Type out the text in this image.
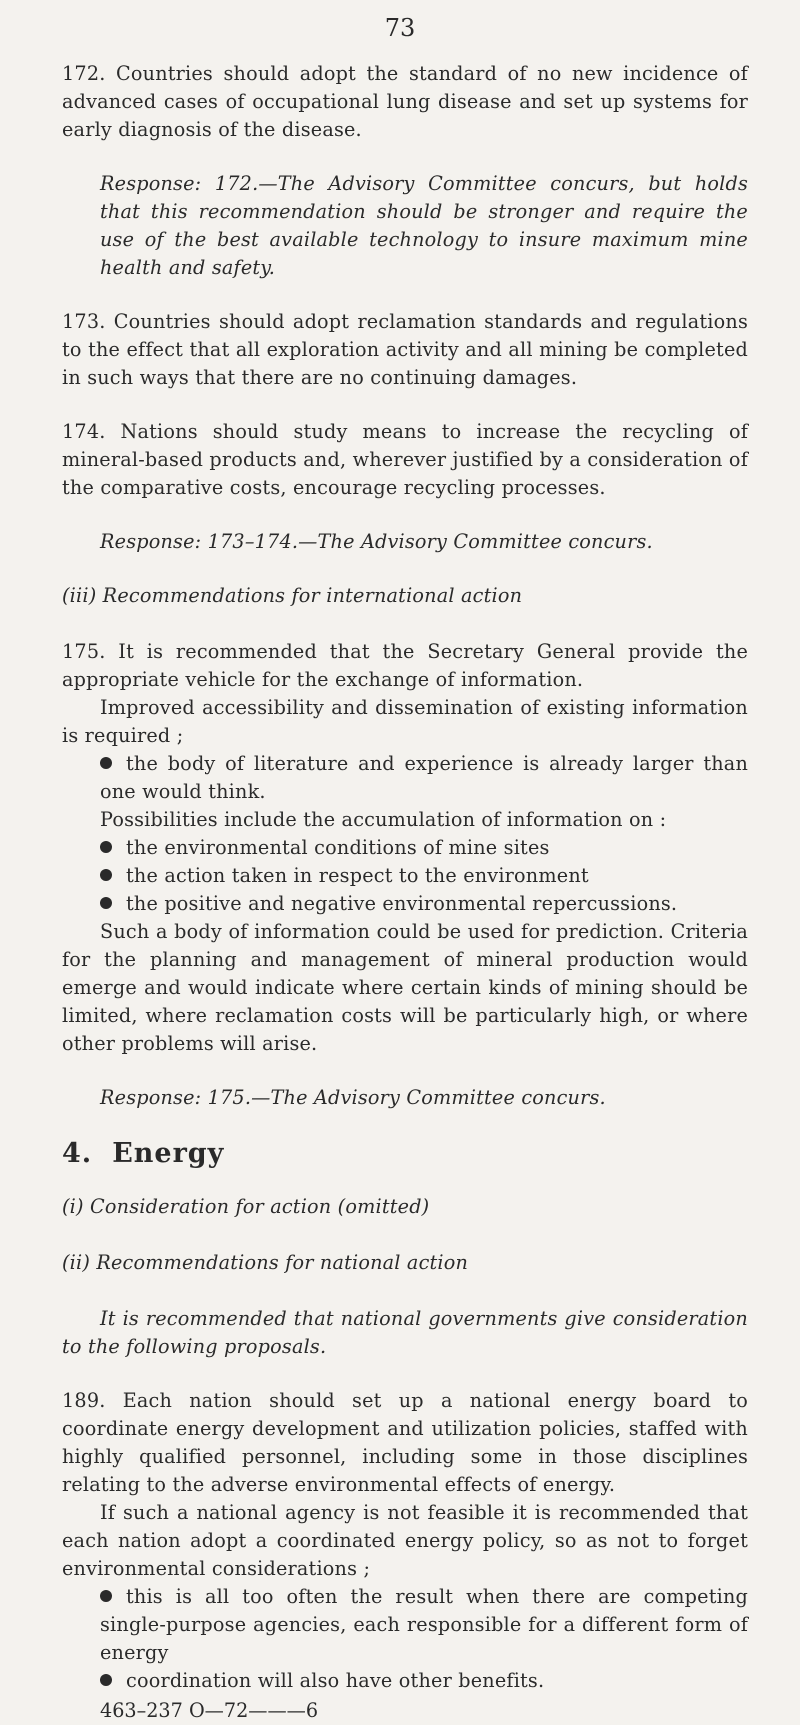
73

172. Countries should adopt the standard of no new incidence of advanced cases of occupational lung disease and set up systems for early diagnosis of the disease.

Response: 172.—The Advisory Committee concurs, but holds that this recommendation should be stronger and require the use of the best available technology to insure maximum mine health and safety.

173. Countries should adopt reclamation standards and regulations to the effect that all exploration activity and all mining be completed in such ways that there are no continuing damages.

174. Nations should study means to increase the recycling of mineral-based products and, wherever justified by a consideration of the comparative costs, encourage recycling processes.

Response: 173–174.—The Advisory Committee concurs.

(iii) Recommendations for international action

175. It is recommended that the Secretary General provide the appropriate vehicle for the exchange of information.

Improved accessibility and dissemination of existing information is required ;

the body of literature and experience is already larger than one would think.

Possibilities include the accumulation of information on :

the environmental conditions of mine sites

the action taken in respect to the environment

the positive and negative environmental repercussions.

Such a body of information could be used for prediction. Criteria for the planning and management of mineral production would emerge and would indicate where certain kinds of mining should be limited, where reclamation costs will be particularly high, or where other problems will arise.

Response: 175.—The Advisory Committee concurs.

4. Energy

(i) Consideration for action (omitted)

(ii) Recommendations for national action

It is recommended that national governments give consideration to the following proposals.

189. Each nation should set up a national energy board to coordinate energy development and utilization policies, staffed with highly qualified personnel, including some in those disciplines relating to the adverse environmental effects of energy.

If such a national agency is not feasible it is recommended that each nation adopt a coordinated energy policy, so as not to forget environmental considerations ;

this is all too often the result when there are competing single-purpose agencies, each responsible for a different form of energy

coordination will also have other benefits.

463–237 O—72———6
